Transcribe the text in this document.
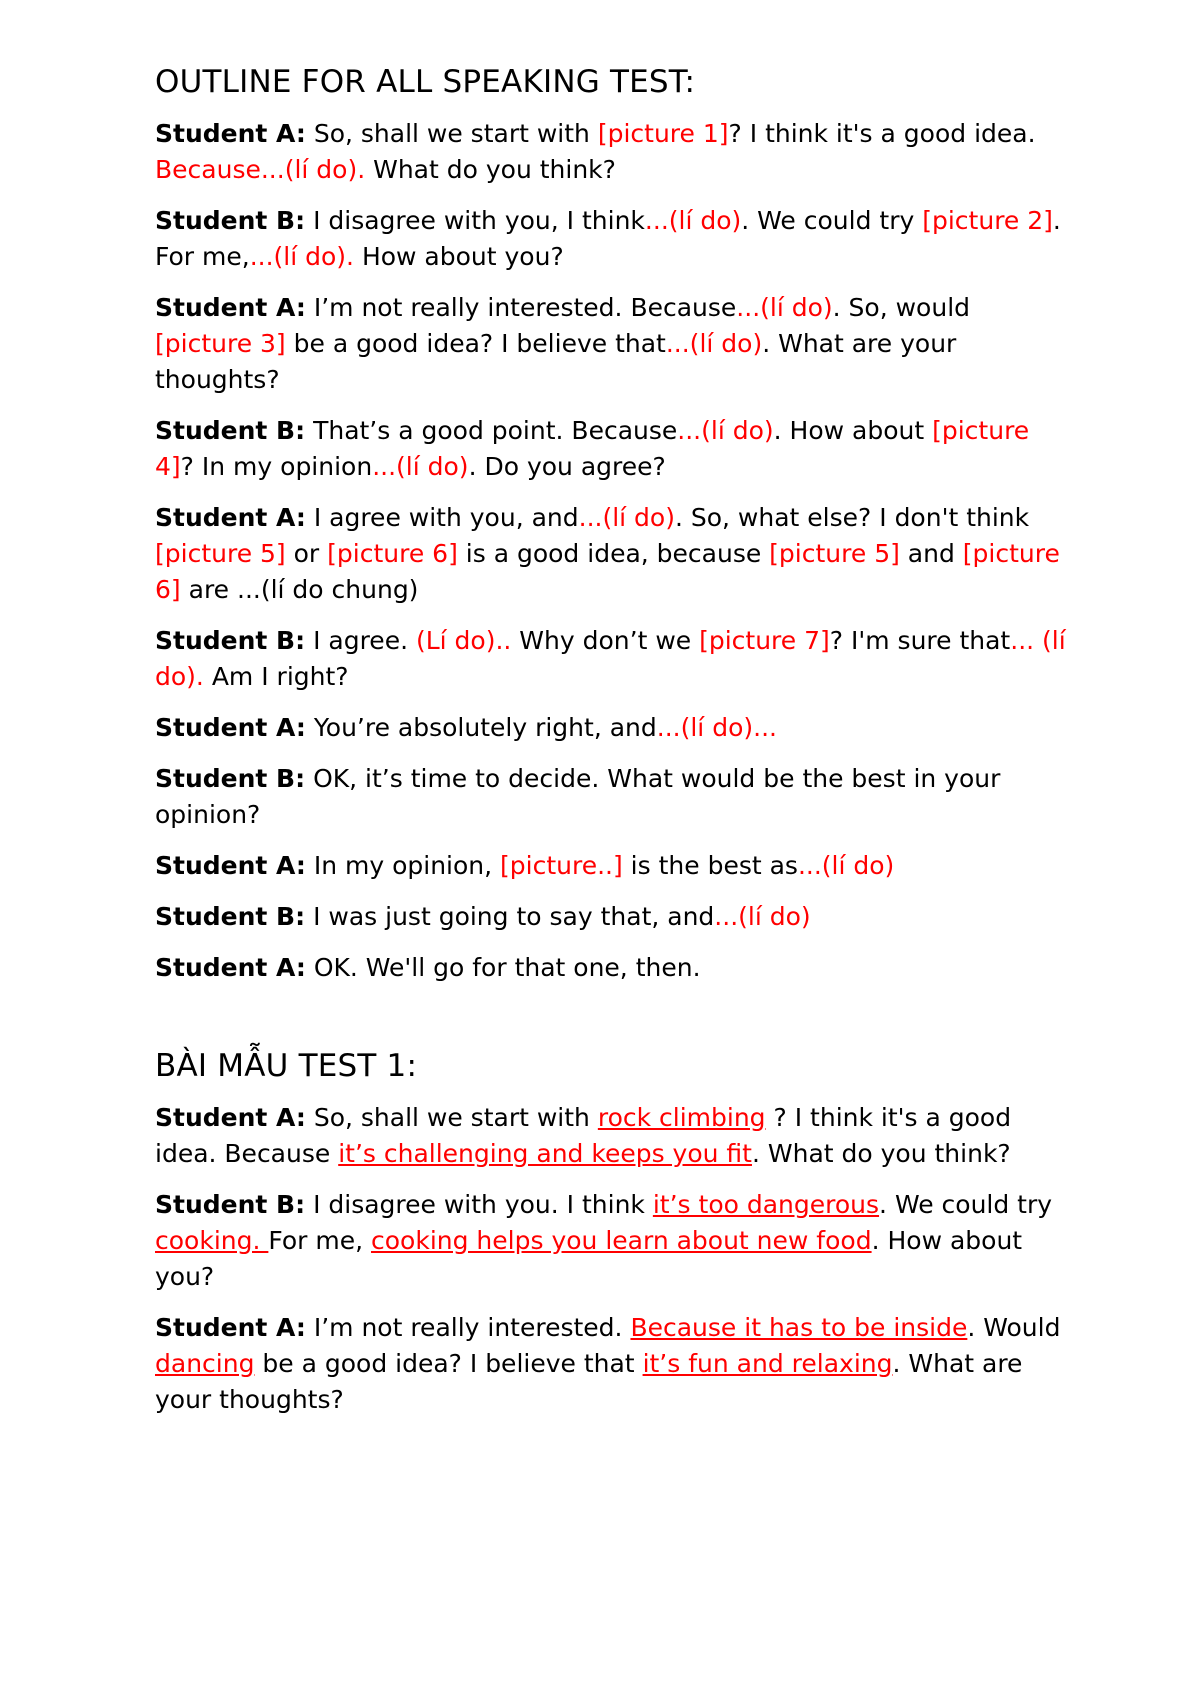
OUTLINE FOR ALL SPEAKING TEST:

Student A: So, shall we start with [picture 1]? I think it's a good idea. Because...(lí do). What do you think?

Student B: I disagree with you, I think...(lí do). We could try [picture 2]. For me,...(lí do). How about you?

Student A: I’m not really interested. Because...(lí do). So, would [picture 3] be a good idea? I believe that...(lí do). What are your thoughts?

Student B: That’s a good point. Because...(lí do). How about [picture 4]? In my opinion...(lí do). Do you agree?

Student A: I agree with you, and...(lí do). So, what else? I don't think [picture 5] or [picture 6] is a good idea, because [picture 5] and [picture 6] are ...(lí do chung)

Student B: I agree. (Lí do).. Why don’t we [picture 7]? I'm sure that... (lí do). Am I right?

Student A: You’re absolutely right, and...(lí do)...

Student B: OK, it’s time to decide. What would be the best in your opinion?

Student A: In my opinion, [picture..] is the best as...(lí do)

Student B: I was just going to say that, and...(lí do)

Student A: OK. We'll go for that one, then.

BÀI MẪU TEST 1:

Student A: So, shall we start with rock climbing ? I think it's a good idea. Because it’s challenging and keeps you fit. What do you think?

Student B: I disagree with you. I think it’s too dangerous. We could try cooking. For me, cooking helps you learn about new food. How about you?

Student A: I’m not really interested. Because it has to be inside. Would dancing be a good idea? I believe that it’s fun and relaxing. What are your thoughts?
